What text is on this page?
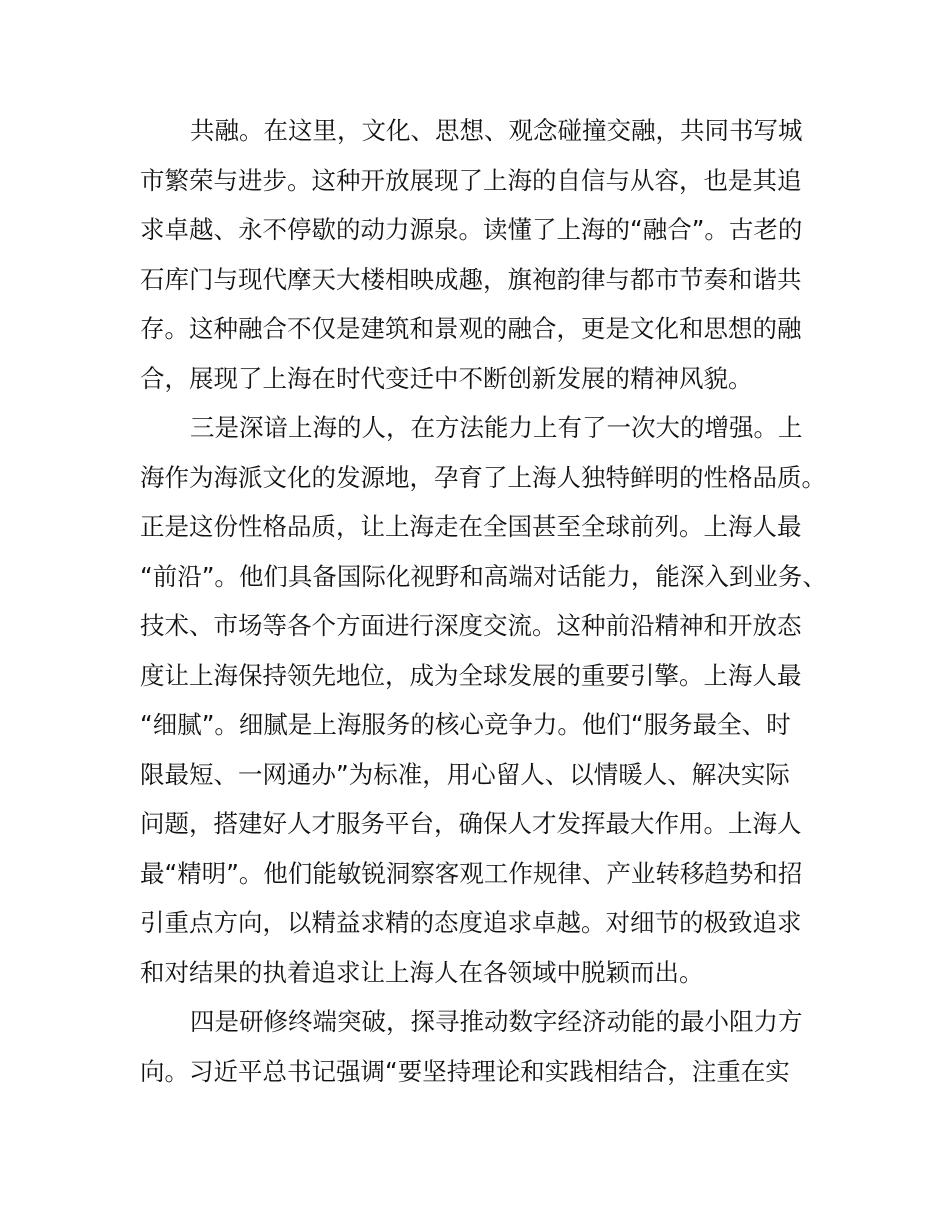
共融。在这里，文化、思想、观念碰撞交融，共同书写城
市繁荣与进步。这种开放展现了上海的自信与从容，也是其追
求卓越、永不停歇的动力源泉。读懂了上海的“融合”。古老的
石库门与现代摩天大楼相映成趣，旗袍韵律与都市节奏和谐共
存。这种融合不仅是建筑和景观的融合，更是文化和思想的融
合，展现了上海在时代变迁中不断创新发展的精神风貌。

三是深谙上海的人，在方法能力上有了一次大的增强。上
海作为海派文化的发源地，孕育了上海人独特鲜明的性格品质。
正是这份性格品质，让上海走在全国甚至全球前列。上海人最
“前沿”。他们具备国际化视野和高端对话能力，能深入到业务、
技术、市场等各个方面进行深度交流。这种前沿精神和开放态
度让上海保持领先地位，成为全球发展的重要引擎。上海人最
“细腻”。细腻是上海服务的核心竞争力。他们“服务最全、时
限最短、一网通办”为标准，用心留人、以情暖人、解决实际
问题，搭建好人才服务平台，确保人才发挥最大作用。上海人
最“精明”。他们能敏锐洞察客观工作规律、产业转移趋势和招
引重点方向，以精益求精的态度追求卓越。对细节的极致追求
和对结果的执着追求让上海人在各领域中脱颖而出。

四是研修终端突破，探寻推动数字经济动能的最小阻力方
向。习近平总书记强调“要坚持理论和实践相结合，注重在实
